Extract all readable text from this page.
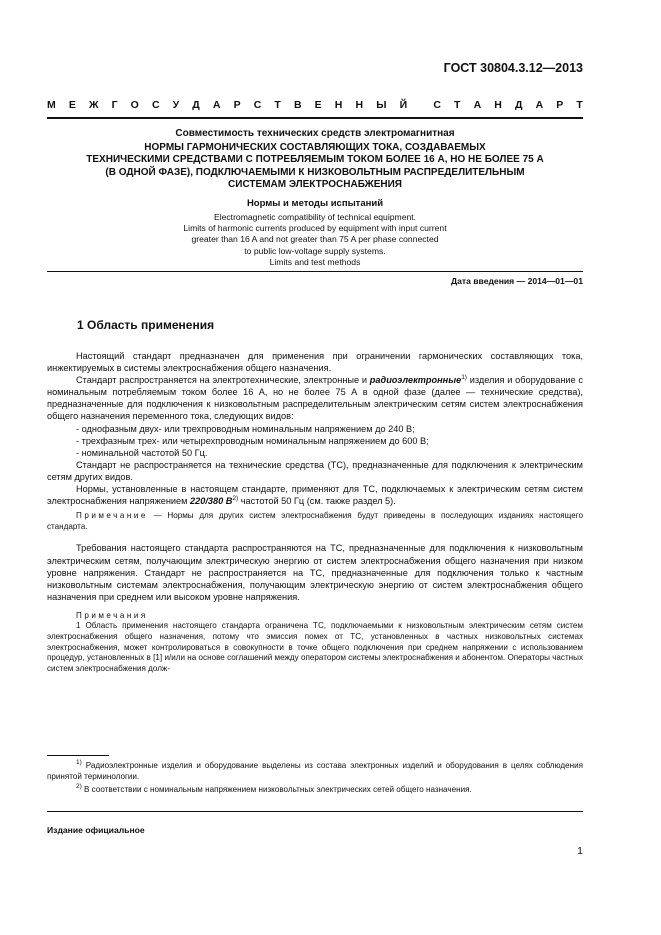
ГОСТ 30804.3.12—2013
М Е Ж Г О С У Д А Р С Т В Е Н Н Ы Й С Т А Н Д А Р Т
Совместимость технических средств электромагнитная
НОРМЫ ГАРМОНИЧЕСКИХ СОСТАВЛЯЮЩИХ ТОКА, СОЗДАВАЕМЫХ
ТЕХНИЧЕСКИМИ СРЕДСТВАМИ С ПОТРЕБЛЯЕМЫМ ТОКОМ БОЛЕЕ 16 А, НО НЕ БОЛЕЕ 75 А
(В ОДНОЙ ФАЗЕ), ПОДКЛЮЧАЕМЫМИ К НИЗКОВОЛЬТНЫМ РАСПРЕДЕЛИТЕЛЬНЫМ
СИСТЕМАМ ЭЛЕКТРОСНАБЖЕНИЯ
Нормы и методы испытаний
Electromagnetic compatibility of technical equipment.
Limits of harmonic currents produced by equipment with input current
greater than 16 A and not greater than 75 A per phase connected
to public low-voltage supply systems.
Limits and test methods
Дата введения — 2014—01—01
1 Область применения

Настоящий стандарт предназначен для применения при ограничении гармонических составляющих тока, инжектируемых в системы электроснабжения общего назначения.

Стандарт распространяется на электротехнические, электронные и радиоэлектронные$^{1)}$ изделия и оборудование с номинальным потребляемым током более 16 А, но не более 75 А в одной фазе (далее — технические средства), предназначенные для подключения к низковольтным распределительным электрическим сетям систем электроснабжения общего назначения переменного тока, следующих видов:

- однофазным двух- или трехпроводным номинальным напряжением до 240 В;

- трехфазным трех- или четырехпроводным номинальным напряжением до 600 В;

- номинальной частотой 50 Гц.

Стандарт не распространяется на технические средства (ТС), предназначенные для подключения к электрическим сетям других видов.

Нормы, установленные в настоящем стандарте, применяют для ТС, подключаемых к электрическим сетям систем электроснабжения напряжением 220/380 $В^{2)}$ частотой 50 Гц (см. также раздел 5).

Примечание — Нормы для других систем электроснабжения будут приведены в последующих изданиях настоящего стандарта.

Требования настоящего стандарта распространяются на ТС, предназначенные для подключения к низковольтным электрическим сетям, получающим электрическую энергию от систем электроснабжения общего назначения при низком уровне напряжения. Стандарт не распространяется на ТС, предназначенные для подключения только к частным низковольтным системам электроснабжения, получающим электрическую энергию от систем электроснабжения общего назначения при среднем или высоком уровне напряжения.

Примечания

1 Область применения настоящего стандарта ограничена ТС, подключаемыми к низковольтным электрическим сетям систем электроснабжения общего назначения, потому что эмиссия помех от ТС, установленных в частных низковольтных системах электроснабжения, может контролироваться в совокупности в точке общего подключения при среднем напряжении с использованием процедур, установленных в [1] и/или на основе соглашений между оператором системы электроснабжения и абонентом. Операторы частных систем электроснабжения долж-

$^{1)}$ Радиоэлектронные изделия и оборудование выделены из состава электронных изделий и оборудования в целях соблюдения принятой терминологии.

$^{2)}$ В соответствии с номинальным напряжением низковольтных электрических сетей общего назначения.

Издание официальное
1
